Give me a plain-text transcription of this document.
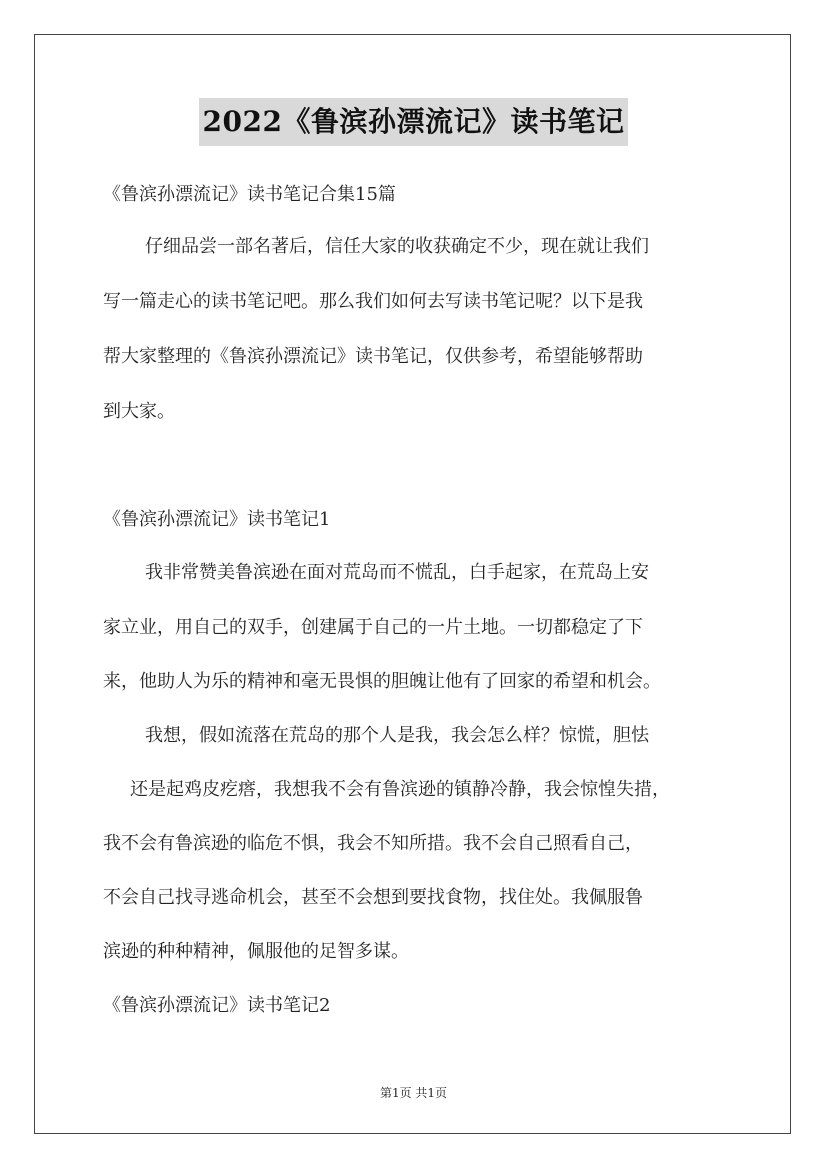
2022《鲁滨孙漂流记》读书笔记
《鲁滨孙漂流记》读书笔记合集15篇
仔细品尝一部名著后，信任大家的收获确定不少，现在就让我们
写一篇走心的读书笔记吧。那么我们如何去写读书笔记呢？以下是我
帮大家整理的《鲁滨孙漂流记》读书笔记，仅供参考，希望能够帮助
到大家。
《鲁滨孙漂流记》读书笔记1
我非常赞美鲁滨逊在面对荒岛而不慌乱，白手起家，在荒岛上安
家立业，用自己的双手，创建属于自己的一片土地。一切都稳定了下
来，他助人为乐的精神和毫无畏惧的胆魄让他有了回家的希望和机会。
我想，假如流落在荒岛的那个人是我，我会怎么样？惊慌，胆怯
还是起鸡皮疙瘩，我想我不会有鲁滨逊的镇静冷静，我会惊惶失措，
我不会有鲁滨逊的临危不惧，我会不知所措。我不会自己照看自己，
不会自己找寻逃命机会，甚至不会想到要找食物，找住处。我佩服鲁
滨逊的种种精神，佩服他的足智多谋。
《鲁滨孙漂流记》读书笔记2
第1页 共1页
